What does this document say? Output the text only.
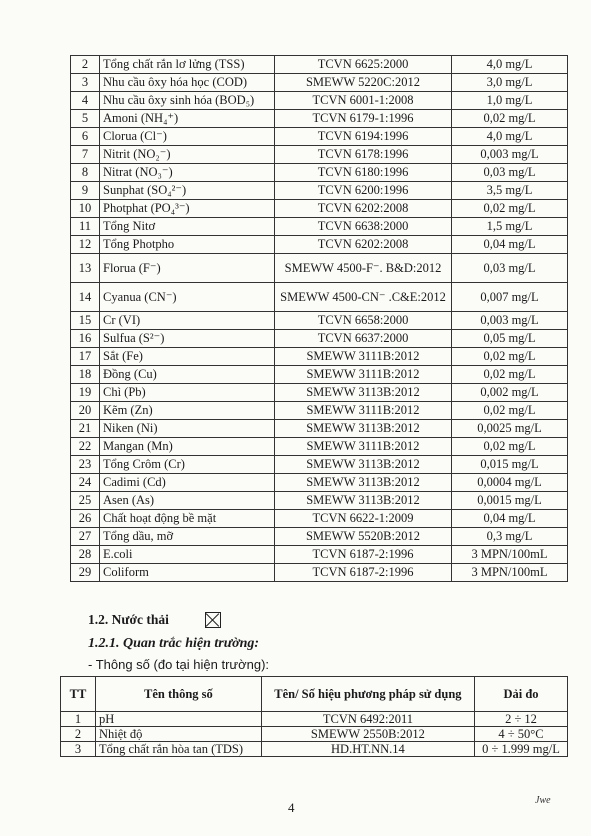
2	Tổng chất rắn lơ lửng (TSS)	TCVN 6625:2000	4,0 mg/L
3	Nhu cầu ôxy hóa học (COD)	SMEWW 5220C:2012	3,0 mg/L
4	Nhu cầu ôxy sinh hóa (BOD₅)	TCVN 6001-1:2008	1,0 mg/L
5	Amoni (NH₄⁺)	TCVN 6179-1:1996	0,02 mg/L
6	Clorua (Cl⁻)	TCVN 6194:1996	4,0 mg/L
7	Nitrit (NO₂⁻)	TCVN 6178:1996	0,003 mg/L
8	Nitrat (NO₃⁻)	TCVN 6180:1996	0,03 mg/L
9	Sunphat (SO₄²⁻)	TCVN 6200:1996	3,5 mg/L
10	Photphat (PO₄³⁻)	TCVN 6202:2008	0,02 mg/L
11	Tổng Nitơ	TCVN 6638:2000	1,5 mg/L
12	Tổng Photpho	TCVN 6202:2008	0,04 mg/L
13	Florua (F⁻)	SMEWW 4500-F⁻. B&D:2012	0,03 mg/L
14	Cyanua (CN⁻)	SMEWW 4500-CN⁻ .C&E:2012	0,007 mg/L
15	Cr (VI)	TCVN 6658:2000	0,003 mg/L
16	Sulfua (S²⁻)	TCVN 6637:2000	0,05 mg/L
17	Sắt (Fe)	SMEWW 3111B:2012	0,02 mg/L
18	Đồng (Cu)	SMEWW 3111B:2012	0,02 mg/L
19	Chì (Pb)	SMEWW 3113B:2012	0,002 mg/L
20	Kẽm (Zn)	SMEWW 3111B:2012	0,02 mg/L
21	Niken (Ni)	SMEWW 3113B:2012	0,0025 mg/L
22	Mangan (Mn)	SMEWW 3111B:2012	0,02 mg/L
23	Tổng Crôm (Cr)	SMEWW 3113B:2012	0,015 mg/L
24	Cadimi (Cd)	SMEWW 3113B:2012	0,0004 mg/L
25	Asen (As)	SMEWW 3113B:2012	0,0015 mg/L
26	Chất hoạt động bề mặt	TCVN 6622-1:2009	0,04 mg/L
27	Tổng dầu, mỡ	SMEWW 5520B:2012	0,3 mg/L
28	E.coli	TCVN 6187-2:1996	3 MPN/100mL
29	Coliform	TCVN 6187-2:1996	3 MPN/100mL
1.2. Nước thải
1.2.1. Quan trắc hiện trường:
- Thông số (đo tại hiện trường):
TT	Tên thông số	Tên/ Số hiệu phương pháp sử dụng	Dải đo
1	pH	TCVN 6492:2011	2 ÷ 12
2	Nhiệt độ	SMEWW 2550B:2012	4 ÷ 50°C
3	Tổng chất rắn hòa tan (TDS)	HD.HT.NN.14	0 ÷ 1.999 mg/L
4	Jwe
